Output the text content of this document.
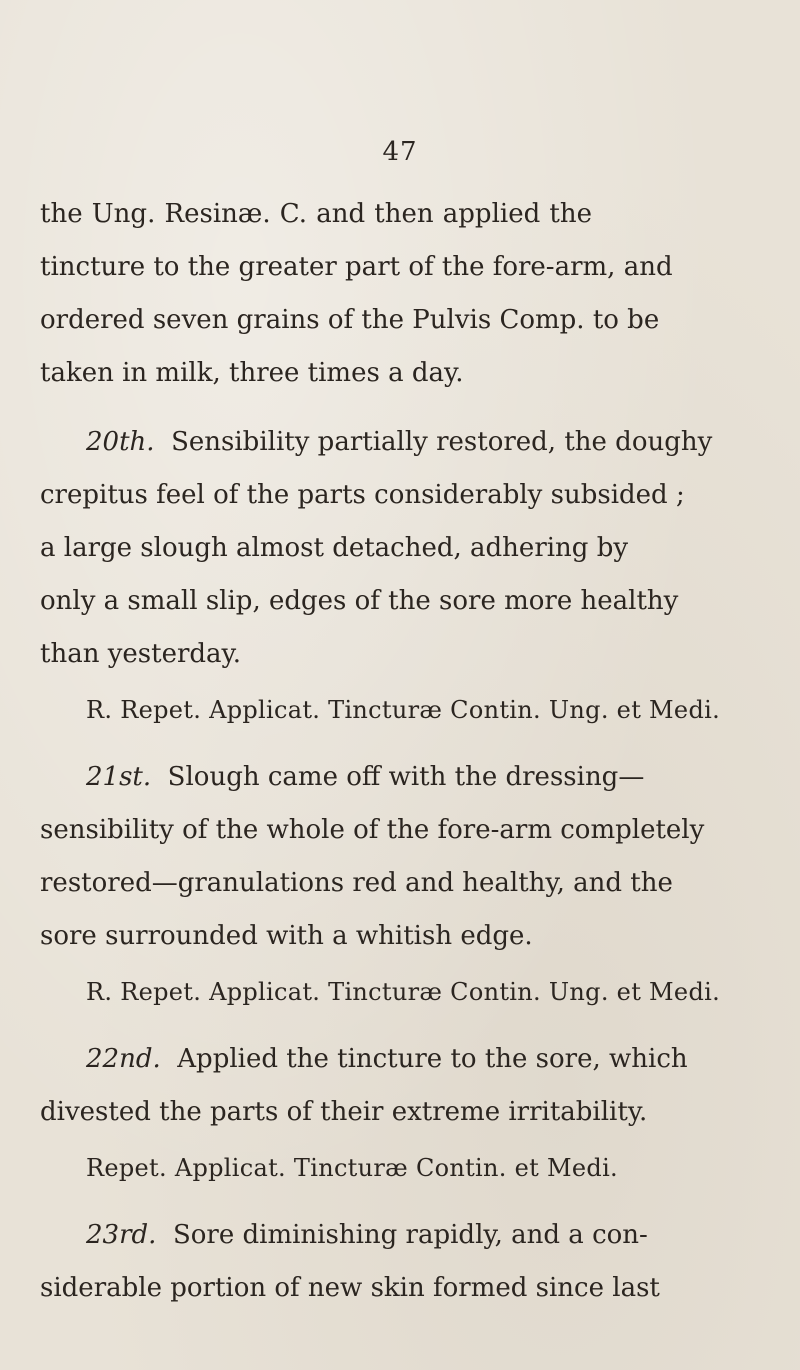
47
the Ung. Resinæ. C. and then applied the
tincture to the greater part of the fore-arm, and
ordered seven grains of the Pulvis Comp. to be
taken in milk, three times a day.
20th. Sensibility partially restored, the doughy
crepitus feel of the parts considerably subsided ;
a large slough almost detached, adhering by
only a small slip, edges of the sore more healthy
than yesterday.
R. Repet. Applicat. Tincturæ Contin. Ung. et Medi.
21st. Slough came off with the dressing—
sensibility of the whole of the fore-arm completely
restored—granulations red and healthy, and the
sore surrounded with a whitish edge.
R. Repet. Applicat. Tincturæ Contin. Ung. et Medi.
22nd. Applied the tincture to the sore, which
divested the parts of their extreme irritability.
Repet. Applicat. Tincturæ Contin. et Medi.
23rd. Sore diminishing rapidly, and a con-
siderable portion of new skin formed since last
